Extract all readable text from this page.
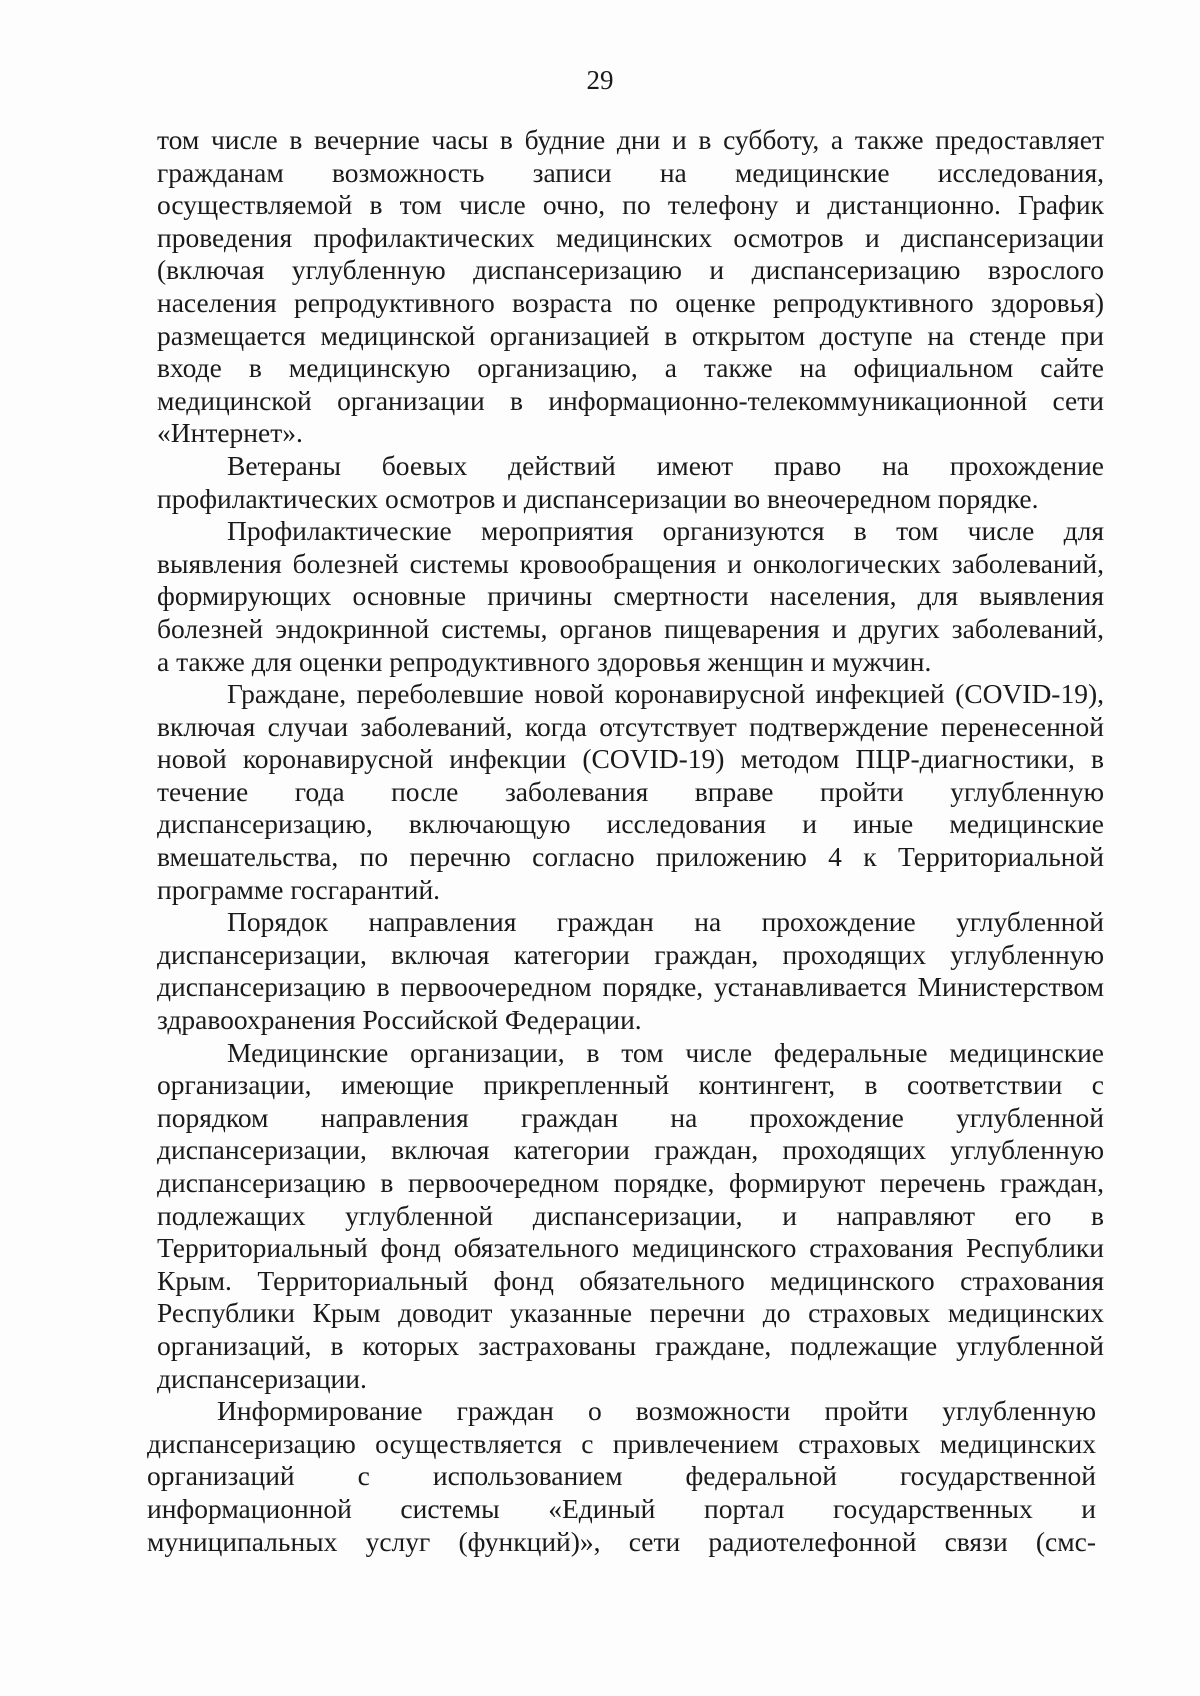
29

том числе в вечерние часы в будние дни и в субботу, а также предоставляет

гражданам возможность записи на медицинские исследования,

осуществляемой в том числе очно, по телефону и дистанционно. График

проведения профилактических медицинских осмотров и диспансеризации

(включая углубленную диспансеризацию и диспансеризацию взрослого

населения репродуктивного возраста по оценке репродуктивного здоровья)

размещается медицинской организацией в открытом доступе на стенде при

входе в медицинскую организацию, а также на официальном сайте

медицинской организации в информационно-телекоммуникационной сети

«Интернет».

Ветераны боевых действий имеют право на прохождение

профилактических осмотров и диспансеризации во внеочередном порядке.

Профилактические мероприятия организуются в том числе для

выявления болезней системы кровообращения и онкологических заболеваний,

формирующих основные причины смертности населения, для выявления

болезней эндокринной системы, органов пищеварения и других заболеваний,

а также для оценки репродуктивного здоровья женщин и мужчин.

Граждане, переболевшие новой коронавирусной инфекцией (COVID-19),

включая случаи заболеваний, когда отсутствует подтверждение перенесенной

новой коронавирусной инфекции (COVID-19) методом ПЦР-диагностики, в

течение года после заболевания вправе пройти углубленную

диспансеризацию, включающую исследования и иные медицинские

вмешательства, по перечню согласно приложению 4 к Территориальной

программе госгарантий.

Порядок направления граждан на прохождение углубленной

диспансеризации, включая категории граждан, проходящих углубленную

диспансеризацию в первоочередном порядке, устанавливается Министерством

здравоохранения Российской Федерации.

Медицинские организации, в том числе федеральные медицинские

организации, имеющие прикрепленный контингент, в соответствии с

порядком направления граждан на прохождение углубленной

диспансеризации, включая категории граждан, проходящих углубленную

диспансеризацию в первоочередном порядке, формируют перечень граждан,

подлежащих углубленной диспансеризации, и направляют его в

Территориальный фонд обязательного медицинского страхования Республики

Крым. Территориальный фонд обязательного медицинского страхования

Республики Крым доводит указанные перечни до страховых медицинских

организаций, в которых застрахованы граждане, подлежащие углубленной

диспансеризации.

Информирование граждан о возможности пройти углубленную

диспансеризацию осуществляется с привлечением страховых медицинских

организаций с использованием федеральной государственной

информационной системы «Единый портал государственных и

муниципальных услуг (функций)», сети радиотелефонной связи (смс-
